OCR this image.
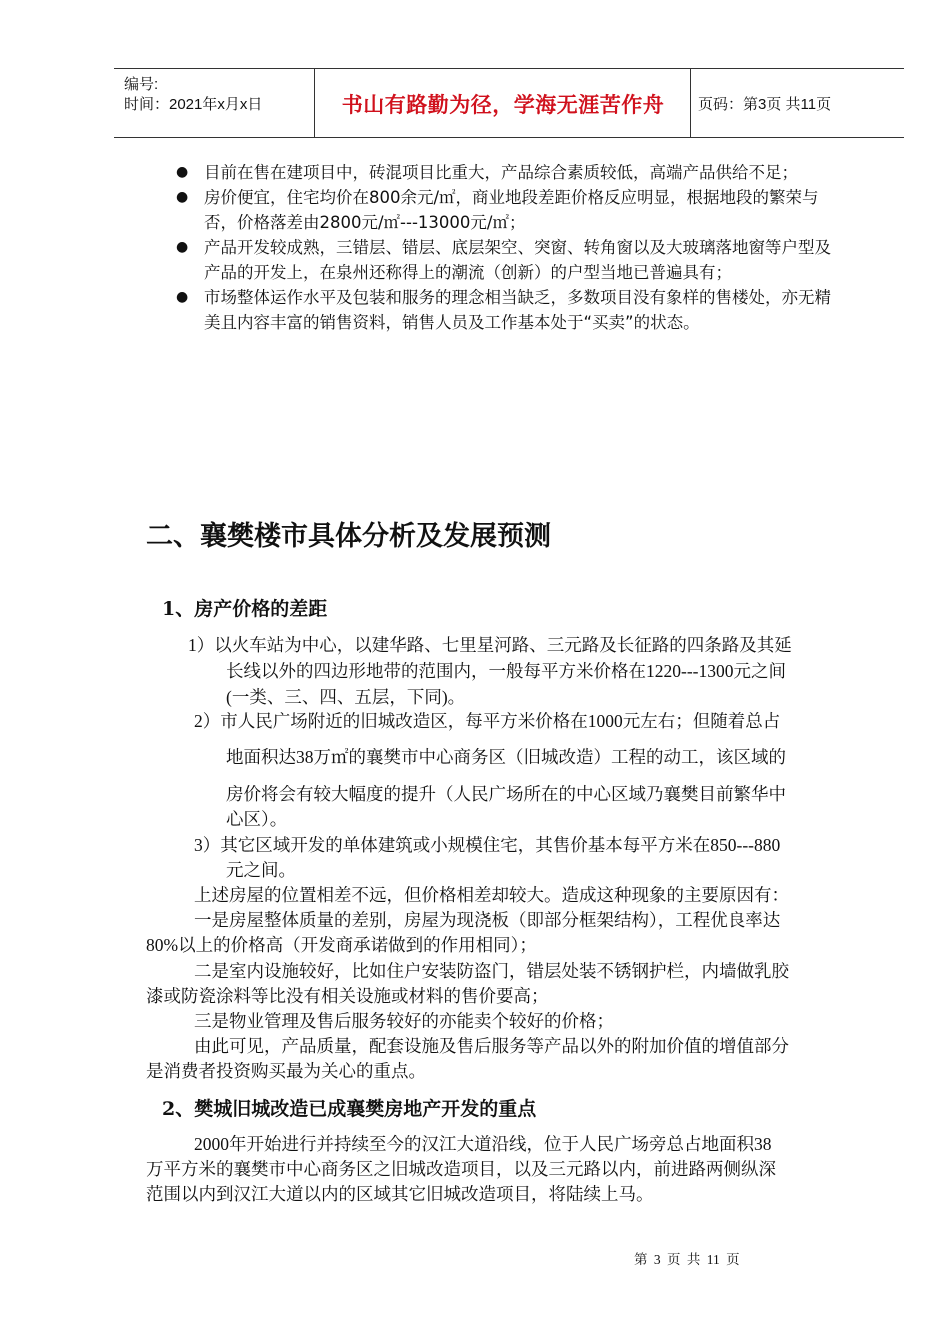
编号:
时间：2021年x月x日	书山有路勤为径，学海无涯苦作舟	页码：第3页 共11页
● 目前在售在建项目中，砖混项目比重大，产品综合素质较低，高端产品供给不足；
● 房价便宜，住宅均价在800余元/㎡，商业地段差距价格反应明显，根据地段的繁荣与
否，价格落差由2800元/㎡---13000元/㎡；
● 产品开发较成熟，三错层、错层、底层架空、突窗、转角窗以及大玻璃落地窗等户型及
产品的开发上，在泉州还称得上的潮流（创新）的户型当地已普遍具有；
● 市场整体运作水平及包装和服务的理念相当缺乏，多数项目没有象样的售楼处，亦无精
美且内容丰富的销售资料，销售人员及工作基本处于“买卖”的状态。
二、襄樊楼市具体分析及发展预测
1、房产价格的差距
1）以火车站为中心，以建华路、七里星河路、三元路及长征路的四条路及其延
长线以外的四边形地带的范围内，一般每平方米价格在1220---1300元之间
(一类、三、四、五层，下同)。
2）市人民广场附近的旧城改造区，每平方米价格在1000元左右；但随着总占
地面积达38万㎡的襄樊市中心商务区（旧城改造）工程的动工，该区域的
房价将会有较大幅度的提升（人民广场所在的中心区域乃襄樊目前繁华中
心区）。
3）其它区域开发的单体建筑或小规模住宅，其售价基本每平方米在850---880
元之间。
上述房屋的位置相差不远，但价格相差却较大。造成这种现象的主要原因有：
一是房屋整体质量的差别，房屋为现浇板（即部分框架结构），工程优良率达
80%以上的价格高（开发商承诺做到的作用相同）；
二是室内设施较好，比如住户安装防盗门，错层处装不锈钢护栏，内墙做乳胶
漆或防瓷涂料等比没有相关设施或材料的售价要高；
三是物业管理及售后服务较好的亦能卖个较好的价格；
由此可见，产品质量，配套设施及售后服务等产品以外的附加价值的增值部分
是消费者投资购买最为关心的重点。
2、樊城旧城改造已成襄樊房地产开发的重点
2000年开始进行并持续至今的汉江大道沿线，位于人民广场旁总占地面积38
万平方米的襄樊市中心商务区之旧城改造项目，以及三元路以内，前进路两侧纵深
范围以内到汉江大道以内的区域其它旧城改造项目，将陆续上马。
第 3 页 共 11 页
